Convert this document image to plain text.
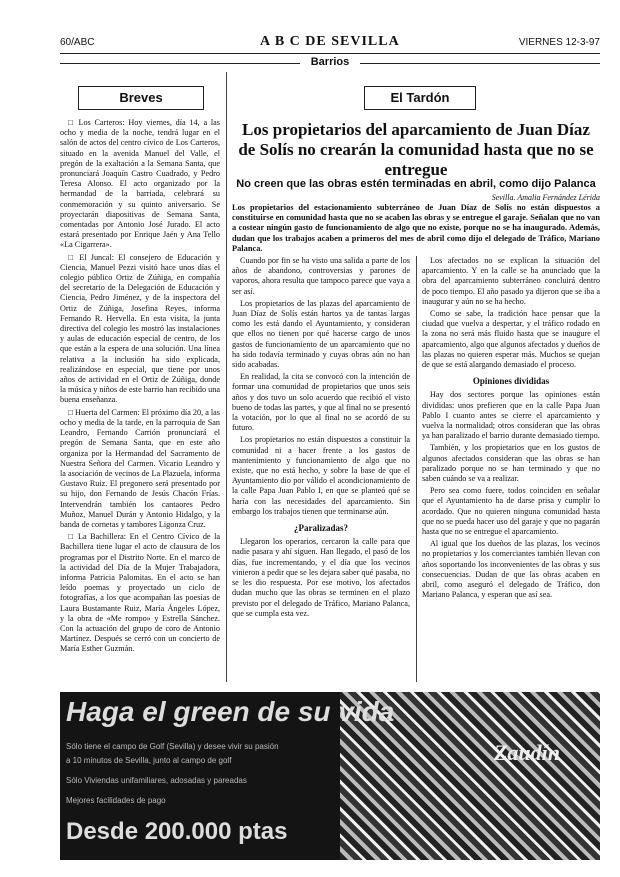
60/ABC	A B C DE SEVILLA	VIERNES 12-3-97
Barrios
Breves

□ Los Carteros: Hoy viernes, día 14, a las ocho y media de la noche, tendrá lugar en el salón de actos del centro cívico de Los Carteros, situado en la avenida Manuel del Valle, el pregón de la exaltación a la Semana Santa, que pronunciará Joaquín Castro Cuadrado, y Pedro Teresa Alonso. El acto organizado por la hermandad de la barriada, celebrará su conmemoración y su quinto aniversario. Se proyectarán diapositivas de Semana Santa, comentadas por Antonio José Jurado. El acto estará presentado por Enrique Jaén y Ana Tello «La Cigarrera».

□ El Juncal: El consejero de Educación y Ciencia, Manuel Pezzi visitó hace unos días el colegio público Ortiz de Zúñiga, en compañía del secretario de la Delegación de Educación y Ciencia, Pedro Jiménez, y de la inspectora del Ortiz de Zúñiga, Josefina Reyes, informa Fernando R. Hervella. En esta visita, la junta directiva del colegio les mostró las instalaciones y aulas de educación especial de centro, de los que están a la espera de una solución. Una línea relativa a la inclusión ha sido explicada, realizándose en especial, que tiene por unos años de actividad en el Ortiz de Zúñiga, donde la música y niños de este barrio han recibido una buena enseñanza.

□ Huerta del Carmen: El próximo día 20, a las ocho y media de la tarde, en la parroquia de San Leandro, Fernando Carrión pronunciará el pregón de Semana Santa, que en este año organiza por la Hermandad del Sacramento de Nuestra Señora del Carmen. Vicario Leandro y la asociación de vecinos de La Plazuela, informa Gustavo Ruiz. El pregonero será presentado por su hijo, don Fernando de Jesús Chacón Frías. Intervendrán también los cantaores Pedro Muñoz, Manuel Durán y Antonio Hidalgo, y la banda de cornetas y tambores Ligonza Cruz.

□ La Bachillera: En el Centro Cívico de la Bachillera tiene lugar el acto de clausura de los programas por el Distrito Norte. En el marco de la actividad del Día de la Mujer Trabajadora, informa Patricia Palomitas. En el acto se han leído poemas y proyectado un ciclo de fotografías, a los que acompañan las poesías de Laura Bustamante Ruiz, María Ángeles López, y la obra de «Me rompo» y Estrella Sánchez. Con la actuación del grupo de coro de Antonio Martínez. Después se cerró con un concierto de María Esther Guzmán.

El Tardón
Los propietarios del aparcamiento de Juan Díaz de Solís no crearán la comunidad hasta que no se entregue
No creen que las obras estén terminadas en abril, como dijo Palanca
Sevilla. Amalia Fernández Lérida
Los propietarios del estacionamiento subterráneo de Juan Díaz de Solís no están dispuestos a constituirse en comunidad hasta que no se acaben las obras y se entregue el garaje. Señalan que no van a costear ningún gasto de funcionamiento de algo que no existe, porque no se ha inaugurado. Además, dudan que los trabajos acaben a primeros del mes de abril como dijo el delegado de Tráfico, Mariano Palanca.

Cuando por fin se ha visto una salida a parte de los años de abandono, controversias y parones de vaporos, ahora resulta que tampoco parece que vaya a ser así.

Los propietarios de las plazas del aparcamiento de Juan Díaz de Solís están hartos ya de tantas largas como les está dando el Ayuntamiento, y consideran que ellos no tienen por qué hacerse cargo de unos gastos de funcionamiento de un aparcamiento que no ha sido todavía terminado y cuyas obras aún no han sido acabadas.

En realidad, la cita se convocó con la intención de formar una comunidad de propietarios que unos seis años y dos tuvo un solo acuerdo que recibió el visto bueno de todas las partes, y que al final no se presentó la votación, por lo que al final no se acordó de su futuro.

Los propietarios no están dispuestos a constituir la comunidad ni a hacer frente a los gastos de mantenimiento y funcionamiento de algo que no existe, que no está hecho, y sobre la base de que el Ayuntamiento dio por válido el acondicionamiento de la calle Papa Juan Pablo I, en que se planteó qué se haría con las necesidades del aparcamiento. Sin embargo los trabajos tienen que terminarse aún.

¿Paralizadas?

Llegaron los operarios, cercaron la calle para que nadie pasara y ahí siguen. Han llegado, el pasó de los días, fue incrementando, y el día que los vecinos vinieron a pedir que se les dejara saber qué pasaba, no se les dio respuesta. Por ese motivo, los afectados dudan mucho que las obras se terminen en el plazo previsto por el delegado de Tráfico, Mariano Palanca, que se cumpla esta vez.

Los afectados no se explican la situación del aparcamiento. Y en la calle se ha anunciado que la obra del aparcamiento subterráneo concluirá dentro de poco tiempo. El año pasado ya dijeron que se iba a inaugurar y aún no se ha hecho.

Como se sabe, la tradición hace pensar que la ciudad que vuelva a despertar, y el tráfico rodado en la zona no será más fluido hasta que se inaugure el aparcamiento, algo que algunos afectados y dueños de las plazas no quieren esperar más. Muchos se quejan de que se está alargando demasiado el proceso.

Opiniones divididas

Hay dos sectores porque las opiniones están divididas: unos prefieren que en la calle Papa Juan Pablo I cuanto antes se cierre el aparcamiento y vuelva la normalidad; otros consideran que las obras ya han paralizado el barrio durante demasiado tiempo.

También, y los propietarios que en los gustos de algunos afectados consideran que las obras se han paralizado porque no se han terminado y que no saben cuándo se va a realizar.

Pero sea como fuere, todos coinciden en señalar que el Ayuntamiento ha de darse prisa y cumplir lo acordado. Que no quieren ninguna comunidad hasta que no se pueda hacer uso del garaje y que no pagarán hasta que no se entregue el aparcamiento.

Al igual que los dueños de las plazas, los vecinos no propietarios y los comerciantes también llevan con años soportando los inconvenientes de las obras y sus consecuencias. Dudan de que las obras acaben en abril, como aseguró el delegado de Tráfico, don Mariano Palanca, y esperan que así sea.

Haga el green de su vida
Sólo tiene el campo de Golf (Sevilla) y desee vivir su pasión
a 10 minutos de Sevilla, junto al campo de golf
Sólo Viviendas unifamiliares, adosadas y pareadas
Mejores facilidades de pago
Desde 200.000 ptas
Zaudín
